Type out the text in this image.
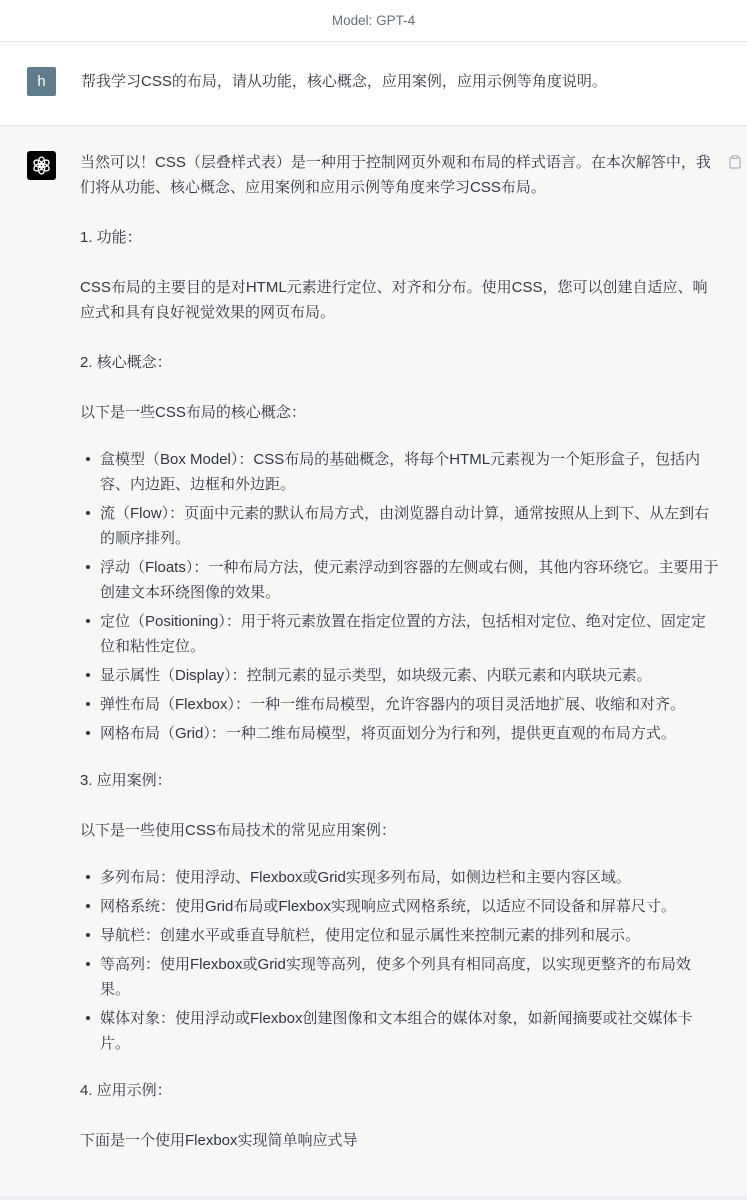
Model: GPT-4
h 帮我学习CSS的布局，请从功能，核心概念，应用案例，应用示例等角度说明。

当然可以！CSS（层叠样式表）是一种用于控制网页外观和布局的样式语言。在本次解答中，我们将从功能、核心概念、应用案例和应用示例等角度来学习CSS布局。

1. 功能：

CSS布局的主要目的是对HTML元素进行定位、对齐和分布。使用CSS，您可以创建自适应、响应式和具有良好视觉效果的网页布局。

2. 核心概念：

以下是一些CSS布局的核心概念：

盒模型（Box Model）：CSS布局的基础概念，将每个HTML元素视为一个矩形盒子，包括内容、内边距、边框和外边距。
流（Flow）：页面中元素的默认布局方式，由浏览器自动计算，通常按照从上到下、从左到右的顺序排列。
浮动（Floats）：一种布局方法，使元素浮动到容器的左侧或右侧，其他内容环绕它。主要用于创建文本环绕图像的效果。
定位（Positioning）：用于将元素放置在指定位置的方法，包括相对定位、绝对定位、固定定位和粘性定位。
显示属性（Display）：控制元素的显示类型，如块级元素、内联元素和内联块元素。
弹性布局（Flexbox）：一种一维布局模型，允许容器内的项目灵活地扩展、收缩和对齐。
网格布局（Grid）：一种二维布局模型，将页面划分为行和列，提供更直观的布局方式。

3. 应用案例：

以下是一些使用CSS布局技术的常见应用案例：

多列布局：使用浮动、Flexbox或Grid实现多列布局，如侧边栏和主要内容区域。
网格系统：使用Grid布局或Flexbox实现响应式网格系统，以适应不同设备和屏幕尺寸。
导航栏：创建水平或垂直导航栏，使用定位和显示属性来控制元素的排列和展示。
等高列：使用Flexbox或Grid实现等高列，使多个列具有相同高度，以实现更整齐的布局效果。
媒体对象：使用浮动或Flexbox创建图像和文本组合的媒体对象，如新闻摘要或社交媒体卡片。

4. 应用示例：

下面是一个使用Flexbox实现简单响应式导
